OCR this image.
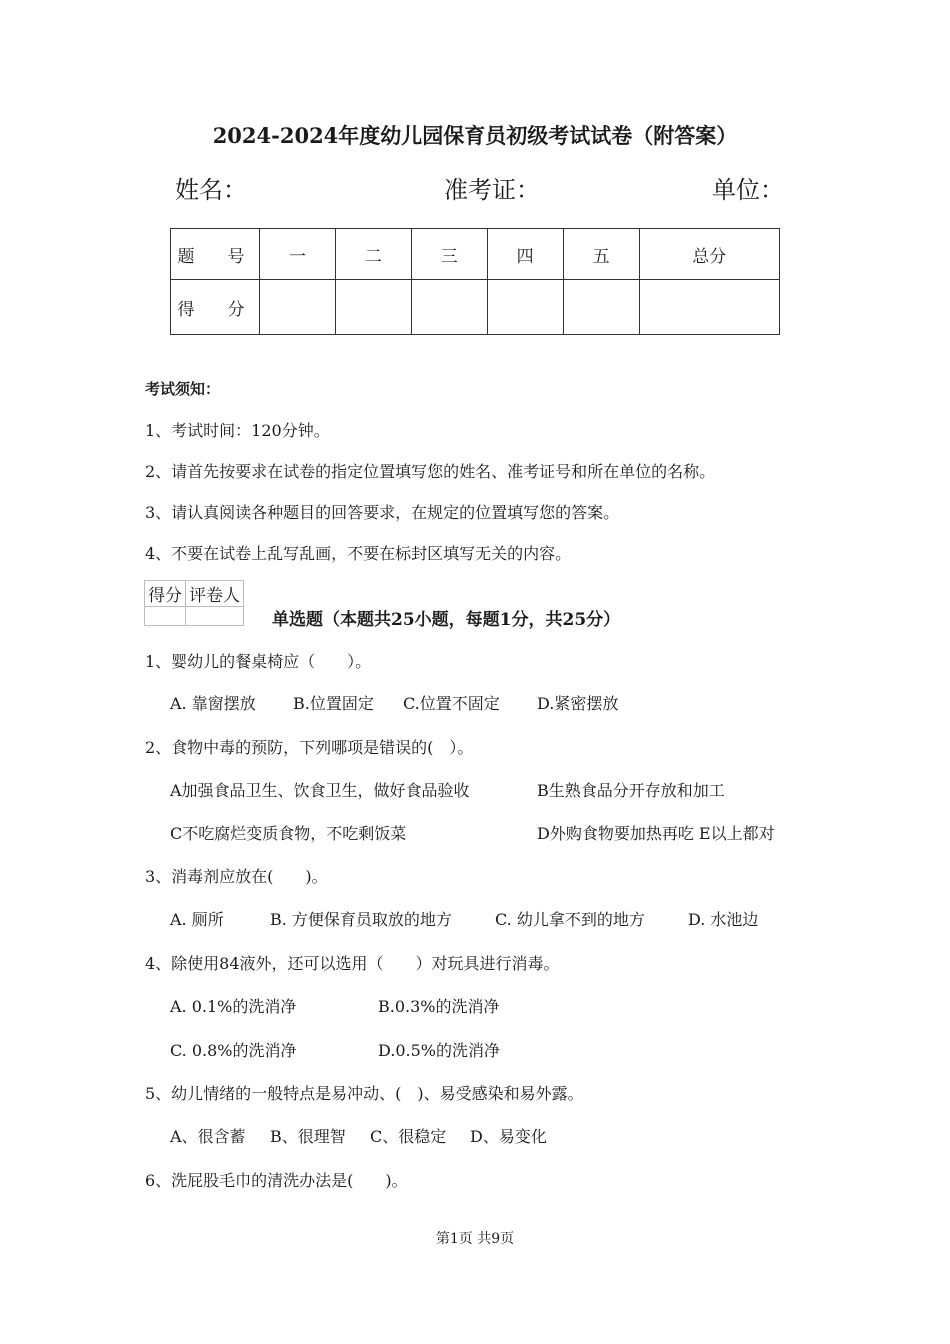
2024-2024年度幼儿园保育员初级考试试卷（附答案）
姓名：	准考证：	单位：
题　号	一	二	三	四	五	总分
得　分						
考试须知：
1、考试时间：120分钟。
2、请首先按要求在试卷的指定位置填写您的姓名、准考证号和所在单位的名称。
3、请认真阅读各种题目的回答要求，在规定的位置填写您的答案。
4、不要在试卷上乱写乱画，不要在标封区填写无关的内容。
得分	评卷人

单选题（本题共25小题，每题1分，共25分）
1、婴幼儿的餐桌椅应（　　）。
A. 靠窗摆放 B.位置固定 C.位置不固定 D.紧密摆放
2、食物中毒的预防，下列哪项是错误的(　）。
A加强食品卫生、饮食卫生，做好食品验收	B生熟食品分开存放和加工
C不吃腐烂变质食物，不吃剩饭菜	D外购食物要加热再吃 E以上都对
3、消毒剂应放在(　　)。
A. 厕所	B. 方便保育员取放的地方	C. 幼儿拿不到的地方	D. 水池边
4、除使用84液外，还可以选用（　　）对玩具进行消毒。
A. 0.1%的洗消净	B.0.3%的洗消净
C. 0.8%的洗消净	D.0.5%的洗消净
5、幼儿情绪的一般特点是易冲动、(　)、易受感染和易外露。
A、很含蓄 B、很理智 C、很稳定 D、易变化
6、洗屁股毛巾的清洗办法是(　　)。
第1页 共9页
